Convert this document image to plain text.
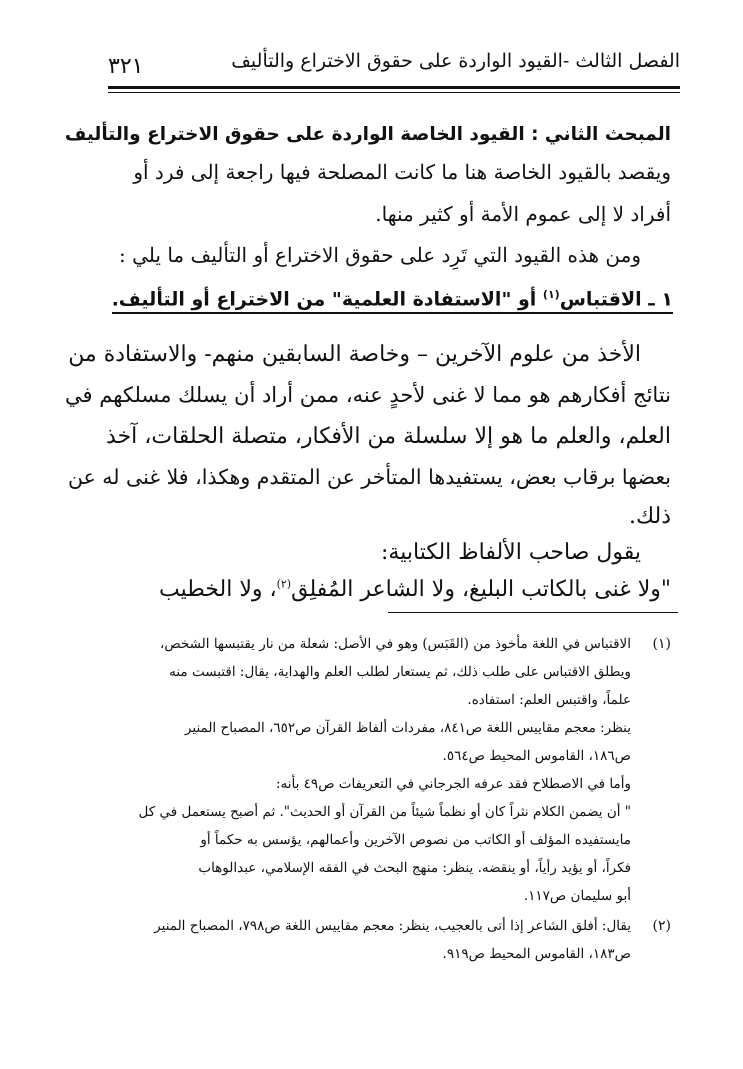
الفصل الثالث -القيود الواردة على حقوق الاختراع والتأليف
٣٢١
المبحث الثاني : القيود الخاصة الواردة على حقوق الاختراع والتأليف
ويقصد بالقيود الخاصة هنا ما كانت المصلحة فيها راجعة إلى فرد أو
أفراد لا إلى عموم الأمة أو كثير منها.
ومن هذه القيود التي تَرِد على حقوق الاختراع أو التأليف ما يلي :
١ ـ الاقتباس$^{(١)}$ أو "الاستفادة العلمية" من الاختراع أو التأليف.
الأخذ من علوم الآخرين – وخاصة السابقين منهم- والاستفادة من
نتائج أفكارهم هو مما لا غنى لأحدٍ عنه، ممن أراد أن يسلك مسلكهم في
العلم، والعلم ما هو إلا سلسلة من الأفكار، متصلة الحلقات، آخذ
بعضها برقاب بعض، يستفيدها المتأخر عن المتقدم وهكذا، فلا غنى له عن
ذلك.
يقول صاحب الألفاظ الكتابية:
"ولا غنى بالكاتب البليغ، ولا الشاعر المُفلِق$^{(٢)}$، ولا الخطيب
(١)
الاقتباس في اللغة مأخوذ من (القَبَس) وهو في الأصل: شعلة من نار يقتبسها الشخص،
ويطلق الاقتباس على طلب ذلك، ثم يستعار لطلب العلم والهداية، يقال: اقتبست منه
علماً، واقتبس العلم: استفاده.
ينظر: معجم مقاييس اللغة ص٨٤١، مفردات ألفاظ القرآن ص٦٥٢، المصباح المنير
ص١٨٦، القاموس المحيط ص٥٦٤.
وأما في الاصطلاح فقد عرفه الجرجاني في التعريفات ص٤٩ بأنه:
" أن يضمن الكلام نثراً كان أو نظماً شيئاً من القرآن أو الحديث". ثم أصبح يستعمل في كل
مايستفيده المؤلف أو الكاتب من نصوص الآخرين وأعمالهم، يؤسس به حكماً أو
فكراً، أو يؤيد رأياً، أو ينقضه. ينظر: منهج البحث في الفقه الإسلامي، عبدالوهاب
أبو سليمان ص١١٧.
(٢)
يقال: أفلق الشاعر إذا أتى بالعجيب، ينظر: معجم مقاييس اللغة ص٧٩٨، المصباح المنير
ص١٨٣، القاموس المحيط ص٩١٩.
